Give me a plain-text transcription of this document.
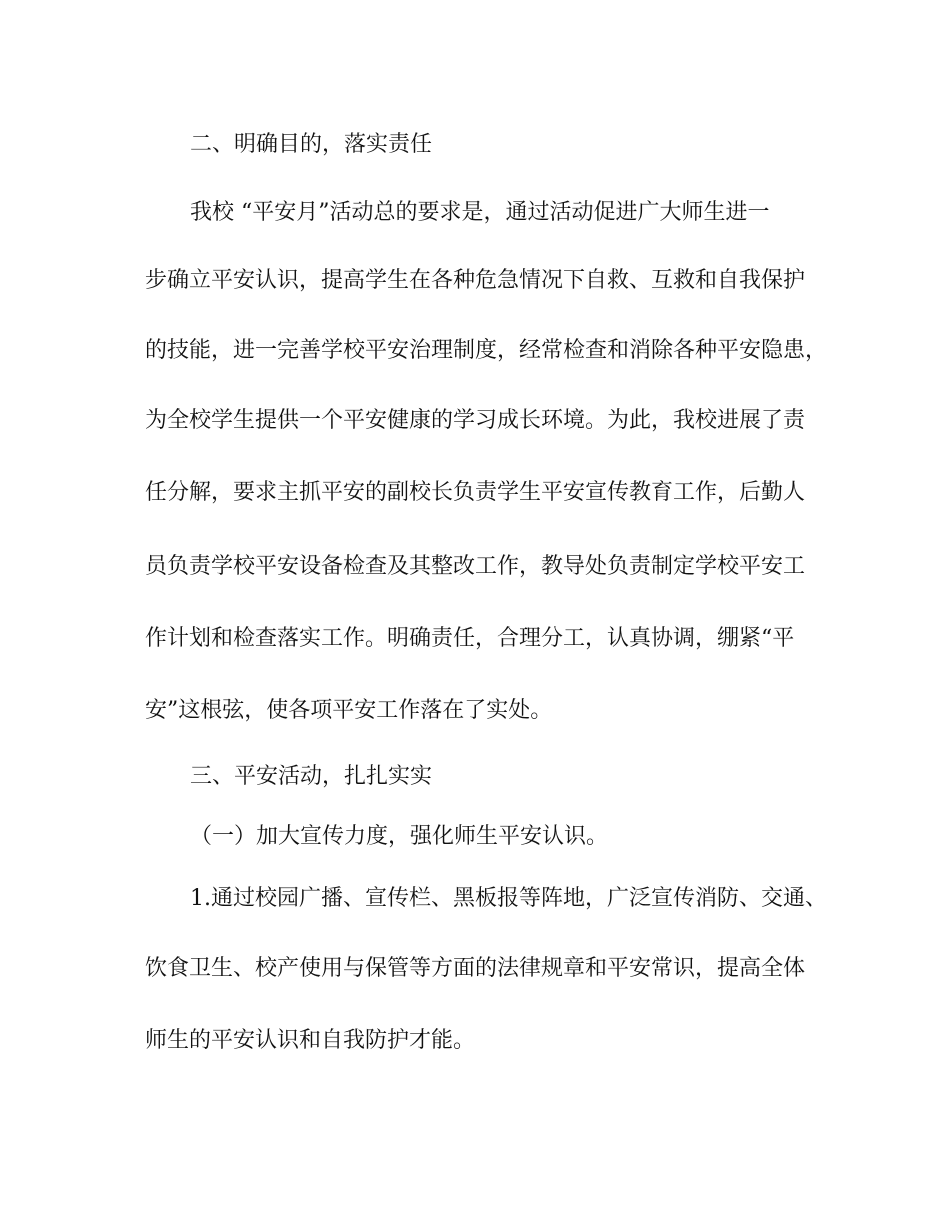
二、明确目的，落实责任
我校 “平安月”活动总的要求是，通过活动促进广大师生进一
步确立平安认识，提高学生在各种危急情况下自救、互救和自我保护
的技能，进一完善学校平安治理制度，经常检查和消除各种平安隐患，
为全校学生提供一个平安健康的学习成长环境。为此，我校进展了责
任分解，要求主抓平安的副校长负责学生平安宣传教育工作，后勤人
员负责学校平安设备检查及其整改工作，教导处负责制定学校平安工
作计划和检查落实工作。明确责任，合理分工，认真协调，绷紧“平
安”这根弦，使各项平安工作落在了实处。
三、平安活动，扎扎实实
（一）加大宣传力度，强化师生平安认识。
1.通过校园广播、宣传栏、黑板报等阵地，广泛宣传消防、交通、
饮食卫生、校产使用与保管等方面的法律规章和平安常识，提高全体
师生的平安认识和自我防护才能。
